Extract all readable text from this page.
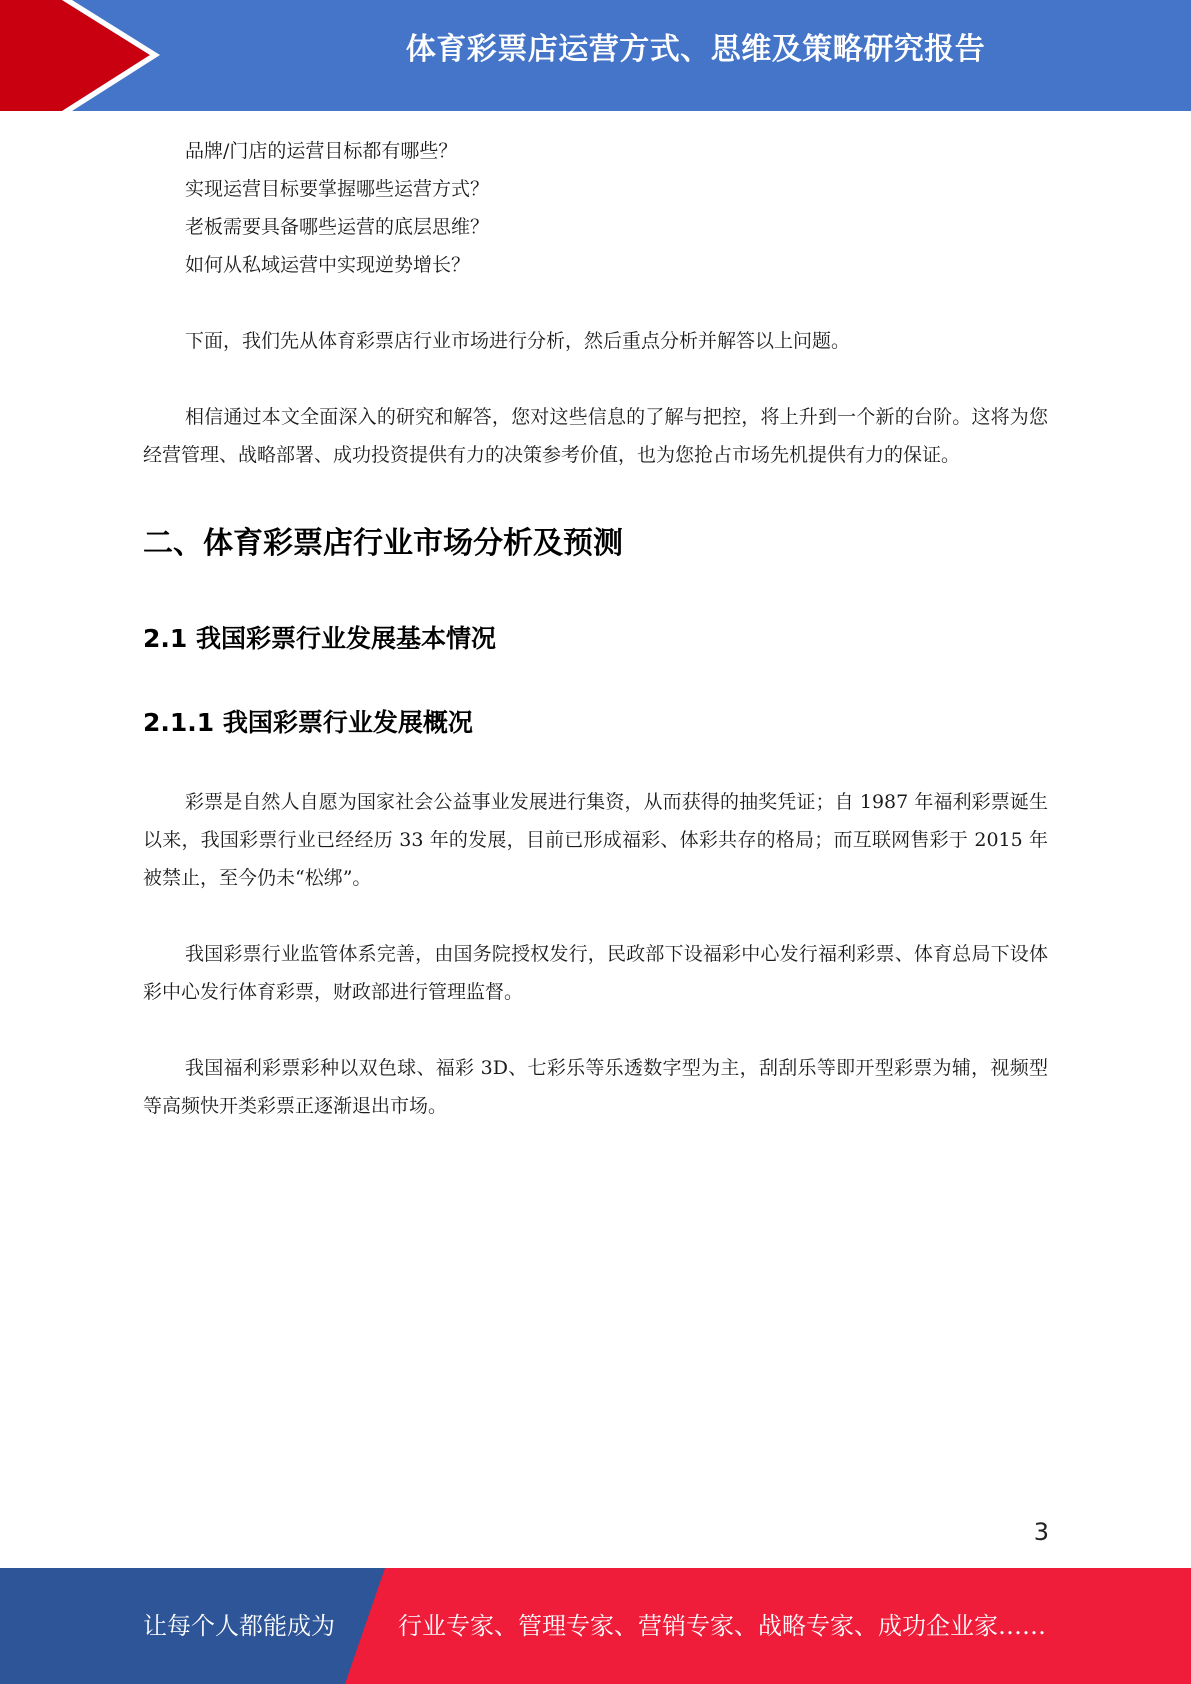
体育彩票店运营方式、思维及策略研究报告

品牌/门店的运营目标都有哪些？

实现运营目标要掌握哪些运营方式？

老板需要具备哪些运营的底层思维？

如何从私域运营中实现逆势增长？

下面，我们先从体育彩票店行业市场进行分析，然后重点分析并解答以上问题。

相信通过本文全面深入的研究和解答，您对这些信息的了解与把控，将上升到一个新的台阶。这将为您经营管理、战略部署、成功投资提供有力的决策参考价值，也为您抢占市场先机提供有力的保证。

二、体育彩票店行业市场分析及预测
2.1 我国彩票行业发展基本情况
2.1.1 我国彩票行业发展概况

彩票是自然人自愿为国家社会公益事业发展进行集资，从而获得的抽奖凭证；自 1987 年福利彩票诞生以来，我国彩票行业已经经历 33 年的发展，目前已形成福彩、体彩共存的格局；而互联网售彩于 2015 年被禁止，至今仍未“松绑”。

我国彩票行业监管体系完善，由国务院授权发行，民政部下设福彩中心发行福利彩票、体育总局下设体彩中心发行体育彩票，财政部进行管理监督。

我国福利彩票彩种以双色球、福彩 3D、七彩乐等乐透数字型为主，刮刮乐等即开型彩票为辅，视频型等高频快开类彩票正逐渐退出市场。

3
让每个人都能成为	行业专家、管理专家、营销专家、战略专家、成功企业家……
